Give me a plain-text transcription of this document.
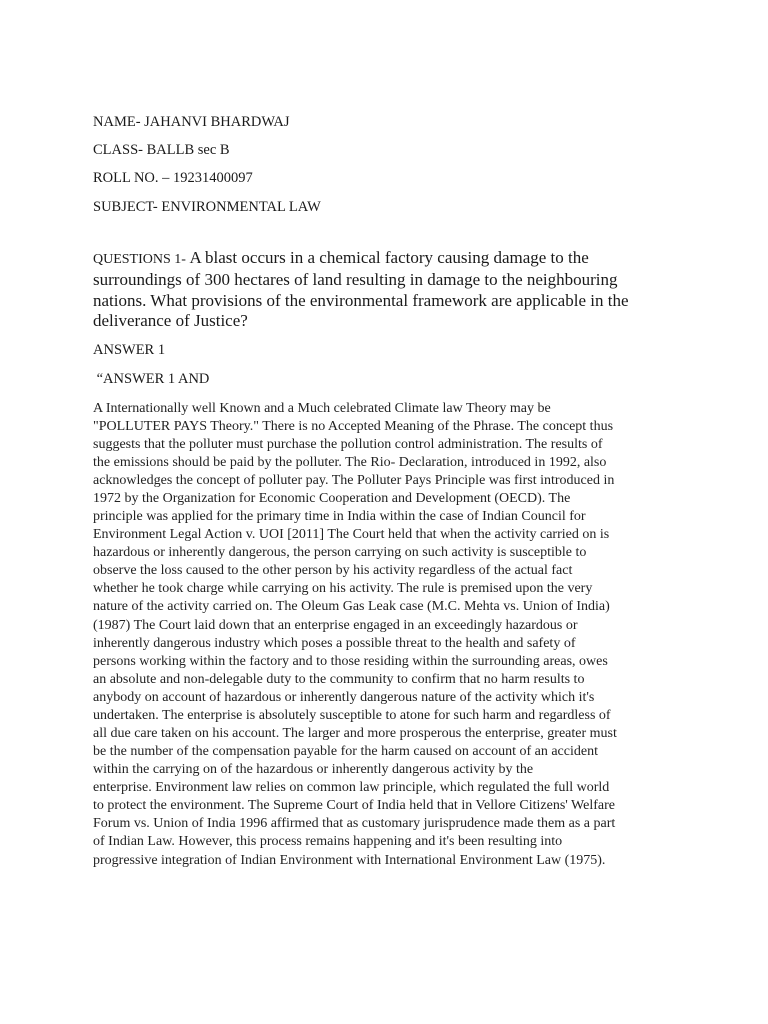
NAME- JAHANVI BHARDWAJ
CLASS- BALLB sec B
ROLL NO. – 19231400097
SUBJECT- ENVIRONMENTAL LAW
QUESTIONS 1- A blast occurs in a chemical factory causing damage to the
surroundings of 300 hectares of land resulting in damage to the neighbouring
nations. What provisions of the environmental framework are applicable in the
deliverance of Justice?
ANSWER 1
“ANSWER 1 AND
A Internationally well Known and a Much celebrated Climate law Theory may be
"POLLUTER PAYS Theory." There is no Accepted Meaning of the Phrase. The concept thus
suggests that the polluter must purchase the pollution control administration. The results of
the emissions should be paid by the polluter. The Rio- Declaration, introduced in 1992, also
acknowledges the concept of polluter pay. The Polluter Pays Principle was first introduced in
1972 by the Organization for Economic Cooperation and Development (OECD). The
principle was applied for the primary time in India within the case of Indian Council for
Environment Legal Action v. UOI [2011] The Court held that when the activity carried on is
hazardous or inherently dangerous, the person carrying on such activity is susceptible to
observe the loss caused to the other person by his activity regardless of the actual fact
whether he took charge while carrying on his activity. The rule is premised upon the very
nature of the activity carried on. The Oleum Gas Leak case (M.C. Mehta vs. Union of India)
(1987) The Court laid down that an enterprise engaged in an exceedingly hazardous or
inherently dangerous industry which poses a possible threat to the health and safety of
persons working within the factory and to those residing within the surrounding areas, owes
an absolute and non-delegable duty to the community to confirm that no harm results to
anybody on account of hazardous or inherently dangerous nature of the activity which it's
undertaken. The enterprise is absolutely susceptible to atone for such harm and regardless of
all due care taken on his account. The larger and more prosperous the enterprise, greater must
be the number of the compensation payable for the harm caused on account of an accident
within the carrying on of the hazardous or inherently dangerous activity by the
enterprise. Environment law relies on common law principle, which regulated the full world
to protect the environment. The Supreme Court of India held that in Vellore Citizens' Welfare
Forum vs. Union of India 1996 affirmed that as customary jurisprudence made them as a part
of Indian Law. However, this process remains happening and it's been resulting into
progressive integration of Indian Environment with International Environment Law (1975).
